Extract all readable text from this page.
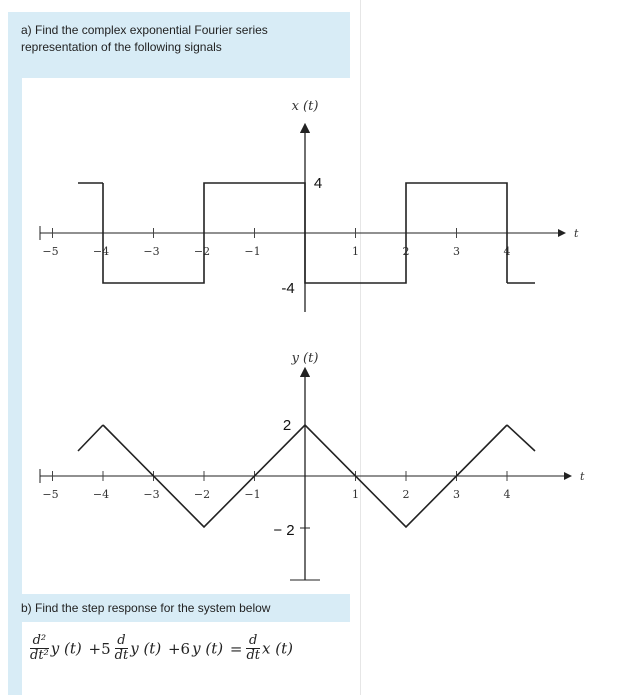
a) Find the complex exponential Fourier series representation of the following signals
b) Find the step response for the system below
−5	−4	−3	−2	−1	1	2	3	4
t
x (t)
4
-4
−5	−4	−3	−2	−1	1	2	3	4
t
y (t)
2
− 2
$\frac{\text{d²}}{\text{dt²}}$ y $(t) +5 \frac{d}{dt}$ y (t) +6 y $(t) = \frac{d}{dt}$ x (t)
